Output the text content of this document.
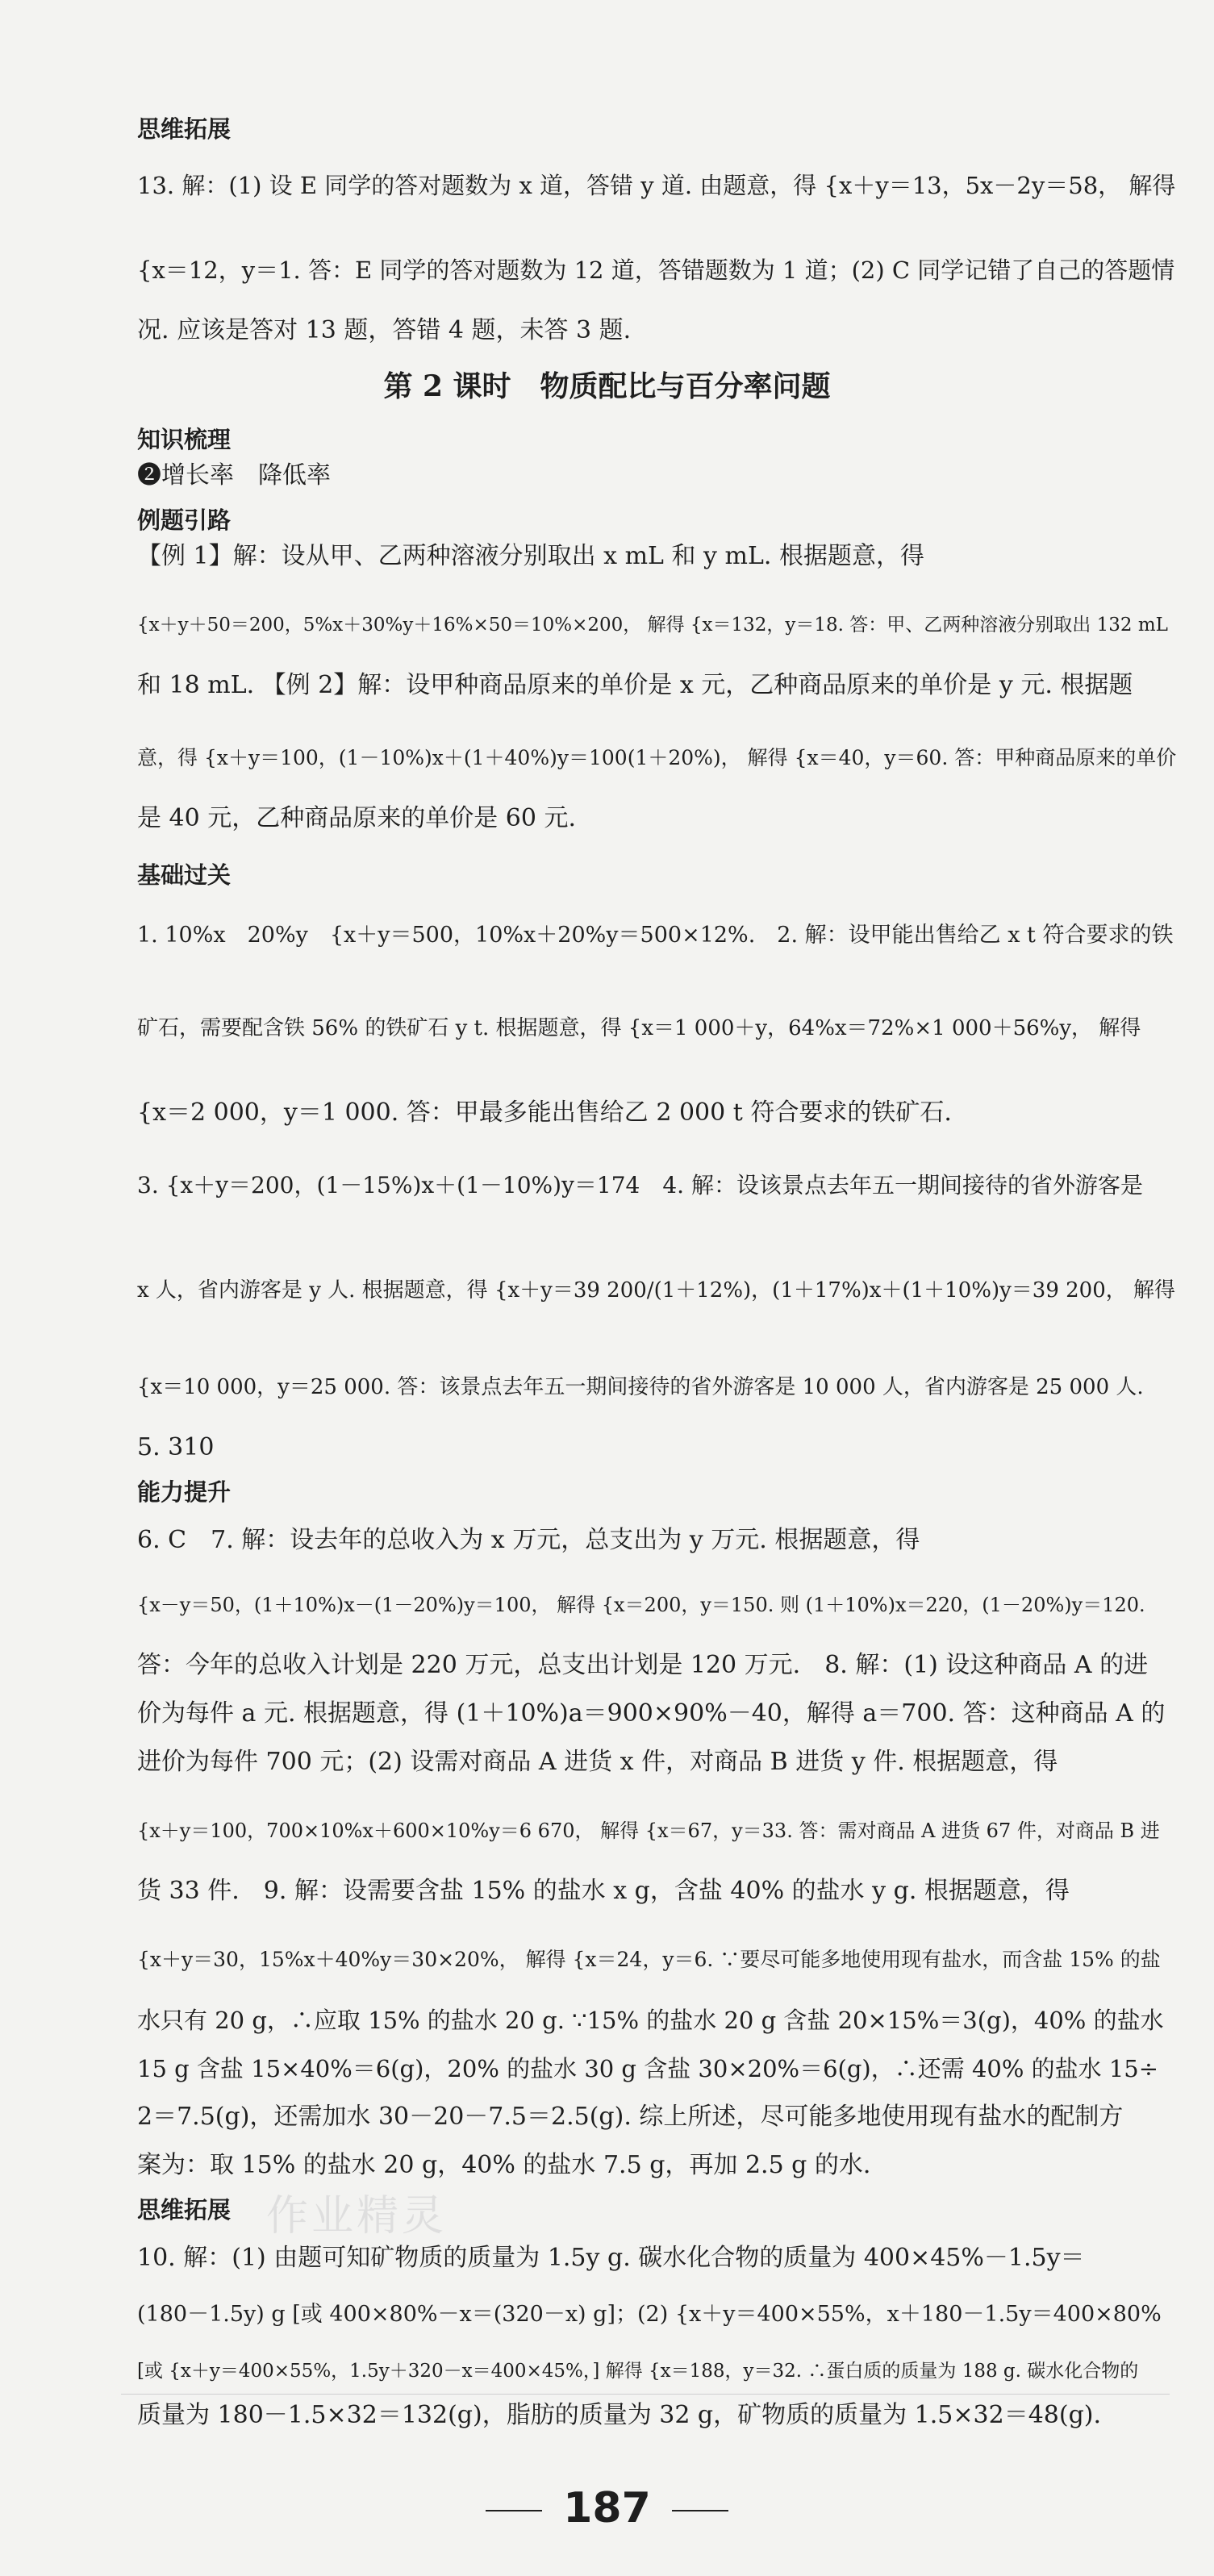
思维拓展
13. 解：(1) 设 E 同学的答对题数为 x 道，答错 y 道. 由题意，得 {x＋y＝13，5x－2y＝58， 解得
{x＝12，y＝1. 答：E 同学的答对题数为 12 道，答错题数为 1 道；(2) C 同学记错了自己的答题情
况. 应该是答对 13 题，答错 4 题，未答 3 题.
第 2 课时　物质配比与百分率问题
知识梳理
❷增长率　降低率
例题引路
【例 1】解：设从甲、乙两种溶液分别取出 x mL 和 y mL. 根据题意，得
{x＋y＋50＝200，5%x＋30%y＋16%×50＝10%×200， 解得 {x＝132，y＝18. 答：甲、乙两种溶液分别取出 132 mL
和 18 mL. 【例 2】解：设甲种商品原来的单价是 x 元，乙种商品原来的单价是 y 元. 根据题
意，得 {x＋y＝100，(1－10%)x＋(1＋40%)y＝100(1＋20%)， 解得 {x＝40，y＝60. 答：甲种商品原来的单价
是 40 元，乙种商品原来的单价是 60 元.
基础过关
1. 10%x　20%y　{x＋y＝500，10%x＋20%y＝500×12%.　2. 解：设甲能出售给乙 x t 符合要求的铁
矿石，需要配含铁 56% 的铁矿石 y t. 根据题意，得 {x＝1 000＋y，64%x＝72%×1 000＋56%y， 解得
{x＝2 000，y＝1 000. 答：甲最多能出售给乙 2 000 t 符合要求的铁矿石.
3. {x＋y＝200，(1－15%)x＋(1－10%)y＝174　4. 解：设该景点去年五一期间接待的省外游客是
x 人，省内游客是 y 人. 根据题意，得 {x＋y＝39 200/(1＋12%)，(1＋17%)x＋(1＋10%)y＝39 200， 解得
{x＝10 000，y＝25 000. 答：该景点去年五一期间接待的省外游客是 10 000 人，省内游客是 25 000 人.
5. 310
能力提升
6. C　7. 解：设去年的总收入为 x 万元，总支出为 y 万元. 根据题意，得
{x－y＝50，(1＋10%)x－(1－20%)y＝100， 解得 {x＝200，y＝150. 则 (1＋10%)x＝220，(1－20%)y＝120.
答：今年的总收入计划是 220 万元，总支出计划是 120 万元.　8. 解：(1) 设这种商品 A 的进
价为每件 a 元. 根据题意，得 (1＋10%)a＝900×90%－40，解得 a＝700. 答：这种商品 A 的
进价为每件 700 元；(2) 设需对商品 A 进货 x 件，对商品 B 进货 y 件. 根据题意，得
{x＋y＝100，700×10%x＋600×10%y＝6 670， 解得 {x＝67，y＝33. 答：需对商品 A 进货 67 件，对商品 B 进
货 33 件.　9. 解：设需要含盐 15% 的盐水 x g，含盐 40% 的盐水 y g. 根据题意，得
{x＋y＝30，15%x＋40%y＝30×20%， 解得 {x＝24，y＝6. ∵要尽可能多地使用现有盐水，而含盐 15% 的盐
水只有 20 g，∴应取 15% 的盐水 20 g. ∵15% 的盐水 20 g 含盐 20×15%＝3(g)，40% 的盐水
15 g 含盐 15×40%＝6(g)，20% 的盐水 30 g 含盐 30×20%＝6(g)，∴还需 40% 的盐水 15÷
2＝7.5(g)，还需加水 30－20－7.5＝2.5(g). 综上所述，尽可能多地使用现有盐水的配制方
案为：取 15% 的盐水 20 g，40% 的盐水 7.5 g，再加 2.5 g 的水.
思维拓展 作业精灵
10. 解：(1) 由题可知矿物质的质量为 1.5y g. 碳水化合物的质量为 400×45%－1.5y＝
(180－1.5y) g [或 400×80%－x＝(320－x) g]；(2) {x＋y＝400×55%，x＋180－1.5y＝400×80%
[或 {x＋y＝400×55%，1.5y＋320－x＝400×45%，] 解得 {x＝188，y＝32. ∴蛋白质的质量为 188 g. 碳水化合物的
质量为 180－1.5×32＝132(g)，脂肪的质量为 32 g，矿物质的质量为 1.5×32＝48(g).
187
